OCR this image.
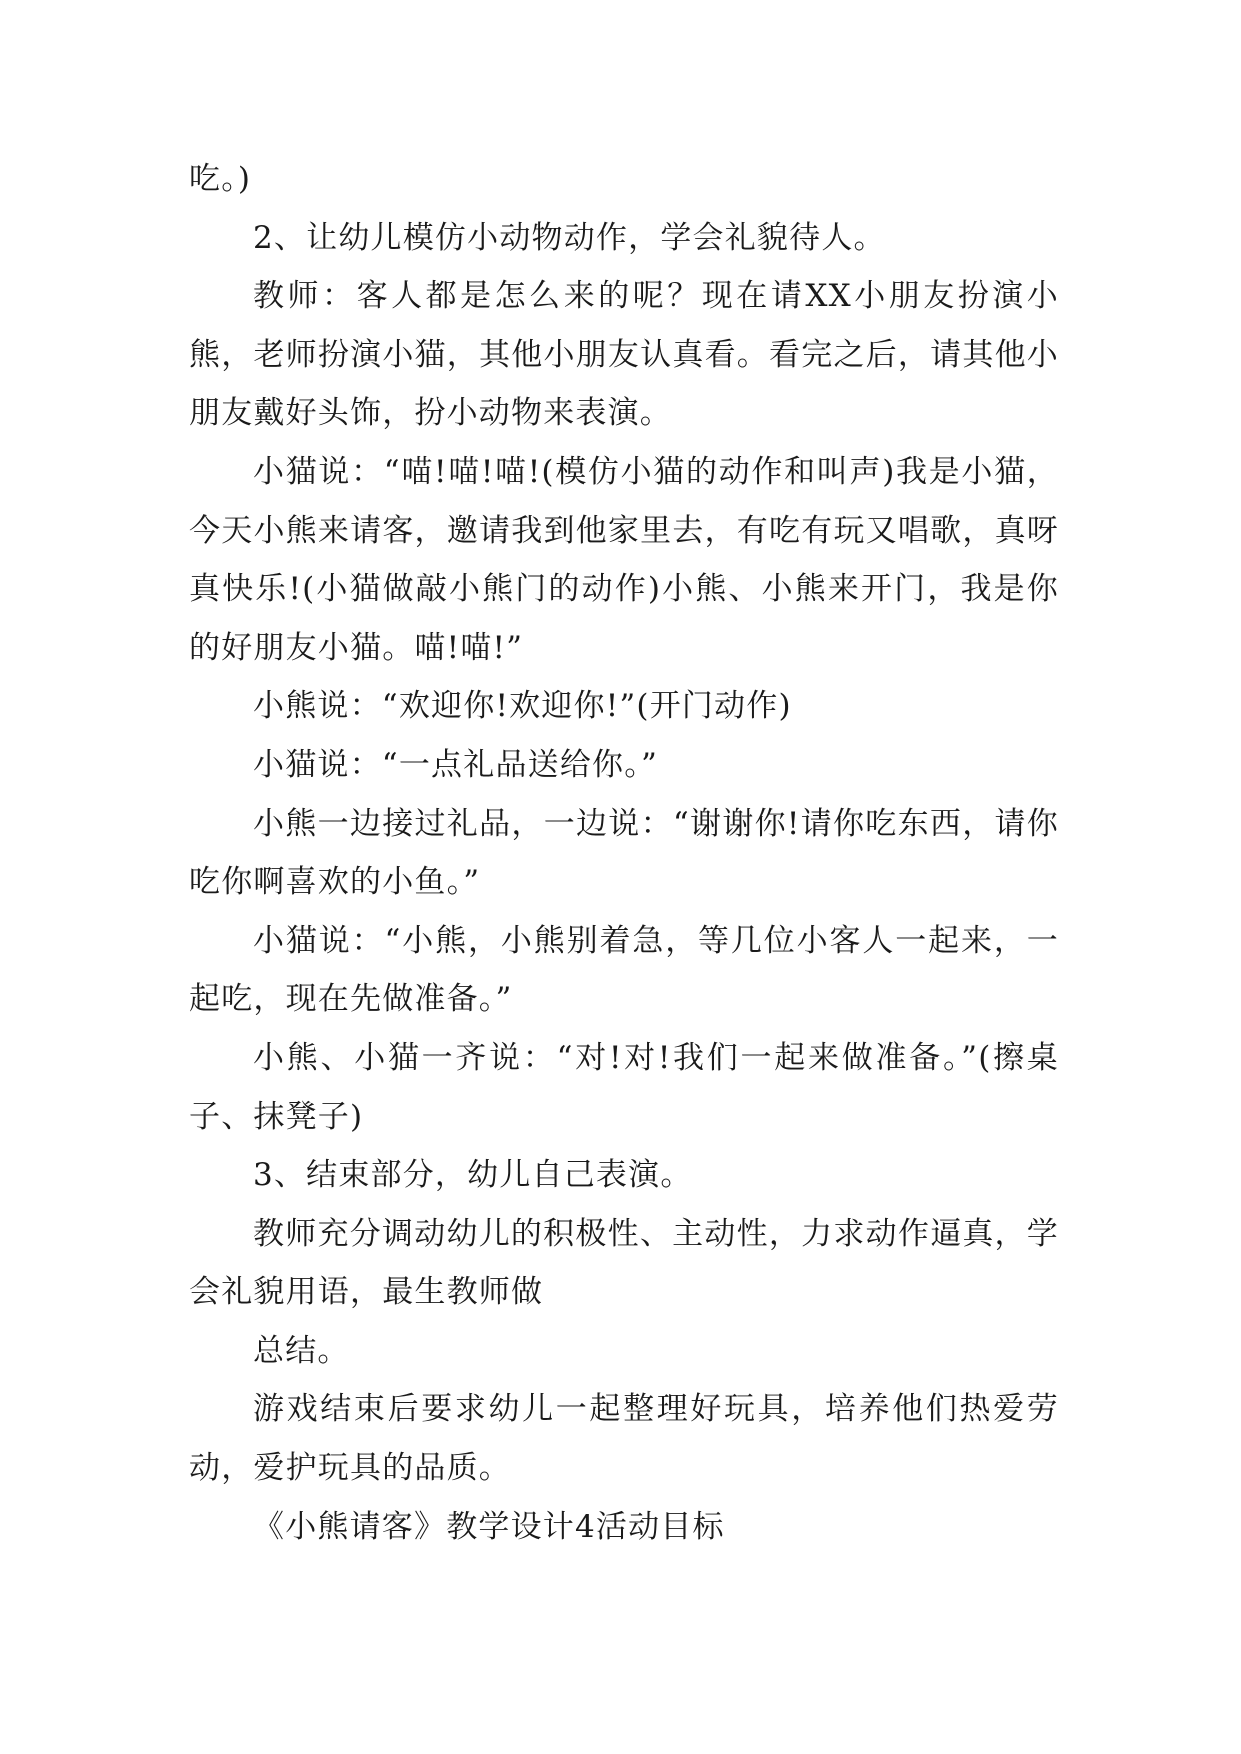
吃。)

2、让幼儿模仿小动物动作，学会礼貌待人。

教师：客人都是怎么来的呢？现在请XX小朋友扮演小熊，老师扮演小猫，其他小朋友认真看。看完之后，请其他小朋友戴好头饰，扮小动物来表演。

小猫说：“喵!喵!喵!(模仿小猫的动作和叫声)我是小猫，今天小熊来请客，邀请我到他家里去，有吃有玩又唱歌，真呀真快乐!(小猫做敲小熊门的动作)小熊、小熊来开门，我是你的好朋友小猫。喵!喵!”

小熊说：“欢迎你!欢迎你!”(开门动作)

小猫说：“一点礼品送给你。”

小熊一边接过礼品，一边说：“谢谢你!请你吃东西，请你吃你啊喜欢的小鱼。”

小猫说：“小熊，小熊别着急，等几位小客人一起来，一起吃，现在先做准备。”

小熊、小猫一齐说：“对!对!我们一起来做准备。”(擦桌子、抹凳子)

3、结束部分，幼儿自己表演。

教师充分调动幼儿的积极性、主动性，力求动作逼真，学会礼貌用语，最生教师做

总结。

游戏结束后要求幼儿一起整理好玩具，培养他们热爱劳动，爱护玩具的品质。

《小熊请客》教学设计4活动目标
